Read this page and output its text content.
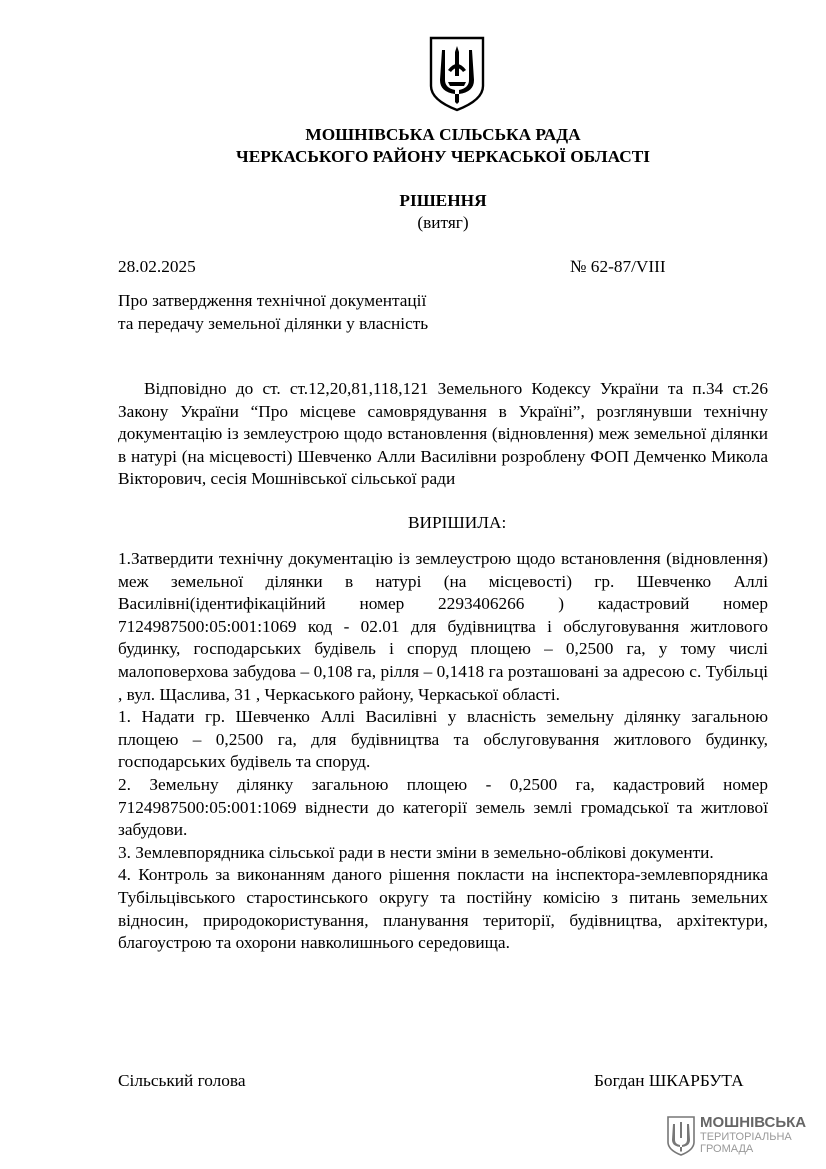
МОШНІВСЬКА СІЛЬСЬКА РАДА
ЧЕРКАСЬКОГО РАЙОНУ ЧЕРКАСЬКОЇ ОБЛАСТІ
РІШЕННЯ
(витяг)
28.02.2025	№ 62-87/VIII
Про затвердження технічної документації та передачу земельної ділянки у власність
Відповідно до ст. ст.12,20,81,118,121 Земельного Кодексу України та п.34 ст.26 Закону України “Про місцеве самоврядування в Україні”, розглянувши технічну документацію із землеустрою щодо встановлення (відновлення) меж земельної ділянки в натурі (на місцевості) Шевченко Алли Василівни розроблену ФОП Демченко Микола Вікторович, сесія Мошнівської сільської ради
ВИРІШИЛА:

1.Затвердити технічну документацію із землеустрою щодо встановлення (відновлення) меж земельної ділянки в натурі (на місцевості) гр. Шевченко Аллі Василівні(ідентифікаційний номер 2293406266 ) кадастровий номер 7124987500:05:001:1069 код - 02.01 для будівництва і обслуговування житлового будинку, господарських будівель і споруд площею – 0,2500 га, у тому числі малоповерхова забудова – 0,108 га, рілля – 0,1418 га розташовані за адресою с. Тубільці , вул. Щаслива, 31 , Черкаського району, Черкаської області.

1. Надати гр. Шевченко Аллі Василівні у власність земельну ділянку загальною площею – 0,2500 га, для будівництва та обслуговування житлового будинку, господарських будівель та споруд.

2. Земельну ділянку загальною площею - 0,2500 га, кадастровий номер 7124987500:05:001:1069 віднести до категорії земель землі громадської та житлової забудови.

3. Землевпорядника сільської ради в нести зміни в земельно-облікові документи.

4. Контроль за виконанням даного рішення покласти на інспектора-землевпорядника Тубільцівського старостинського округу та постійну комісію з питань земельних відносин, природокористування, планування території, будівництва, архітектури, благоустрою та охорони навколишнього середовища.

Сільський голова	Богдан ШКАРБУТА
МОШНІВСЬКА
ТЕРИТОРІАЛЬНА
ГРОМАДА
